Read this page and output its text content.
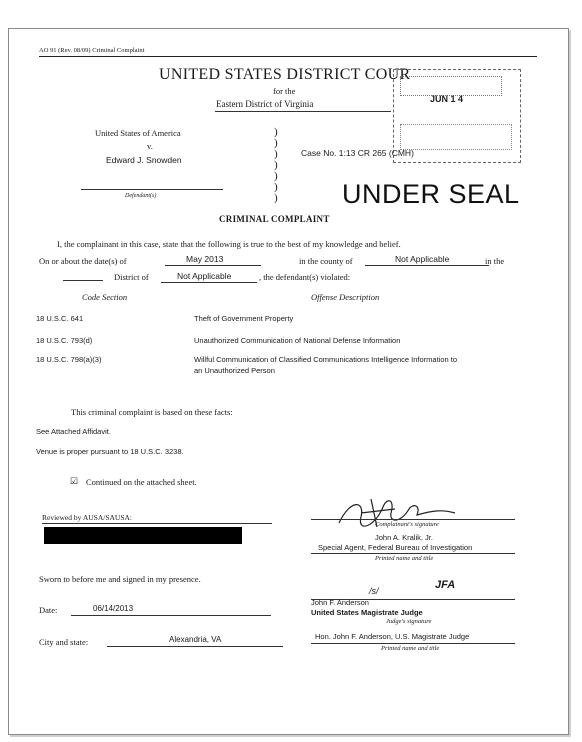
AO 91 (Rev. 08/09) Criminal Complaint
UNITED STATES DISTRICT COUR
for the
Eastern District of Virginia	JUN 1 4
United States of America
v.
Edward J. Snowden
Defendant(s)
)
)
)
)
)
)
)
Case No. 1:13 CR 265 (CMH)
UNDER SEAL
CRIMINAL COMPLAINT
I, the complainant in this case, state that the following is true to the best of my knowledge and belief.
On or about the date(s) of	May 2013	in the county of	Not Applicable	in the
District of	Not Applicable	, the defendant(s) violated:
Code Section	Offense Description
18 U.S.C. 641	Theft of Government Property
18 U.S.C. 793(d)	Unauthorized Communication of National Defense Information
18 U.S.C. 798(a)(3)	Willful Communication of Classified Communications Intelligence Information to
an Unauthorized Person
This criminal complaint is based on these facts:
See Attached Affidavit.
Venue is proper pursuant to 18 U.S.C. 3238.
☑ Continued on the attached sheet.
Reviewed by AUSA/SAUSA:
Complainant's signature
John A. Kralik, Jr.
Special Agent, Federal Bureau of Investigation
Printed name and title
Sworn to before me and signed in my presence.
/s/	JFA
John F. Anderson
United States Magistrate Judge
Judge's signature
Date:	06/14/2013
City and state:	Alexandria, VA	Hon. John F. Anderson, U.S. Magistrate Judge
Printed name and title
